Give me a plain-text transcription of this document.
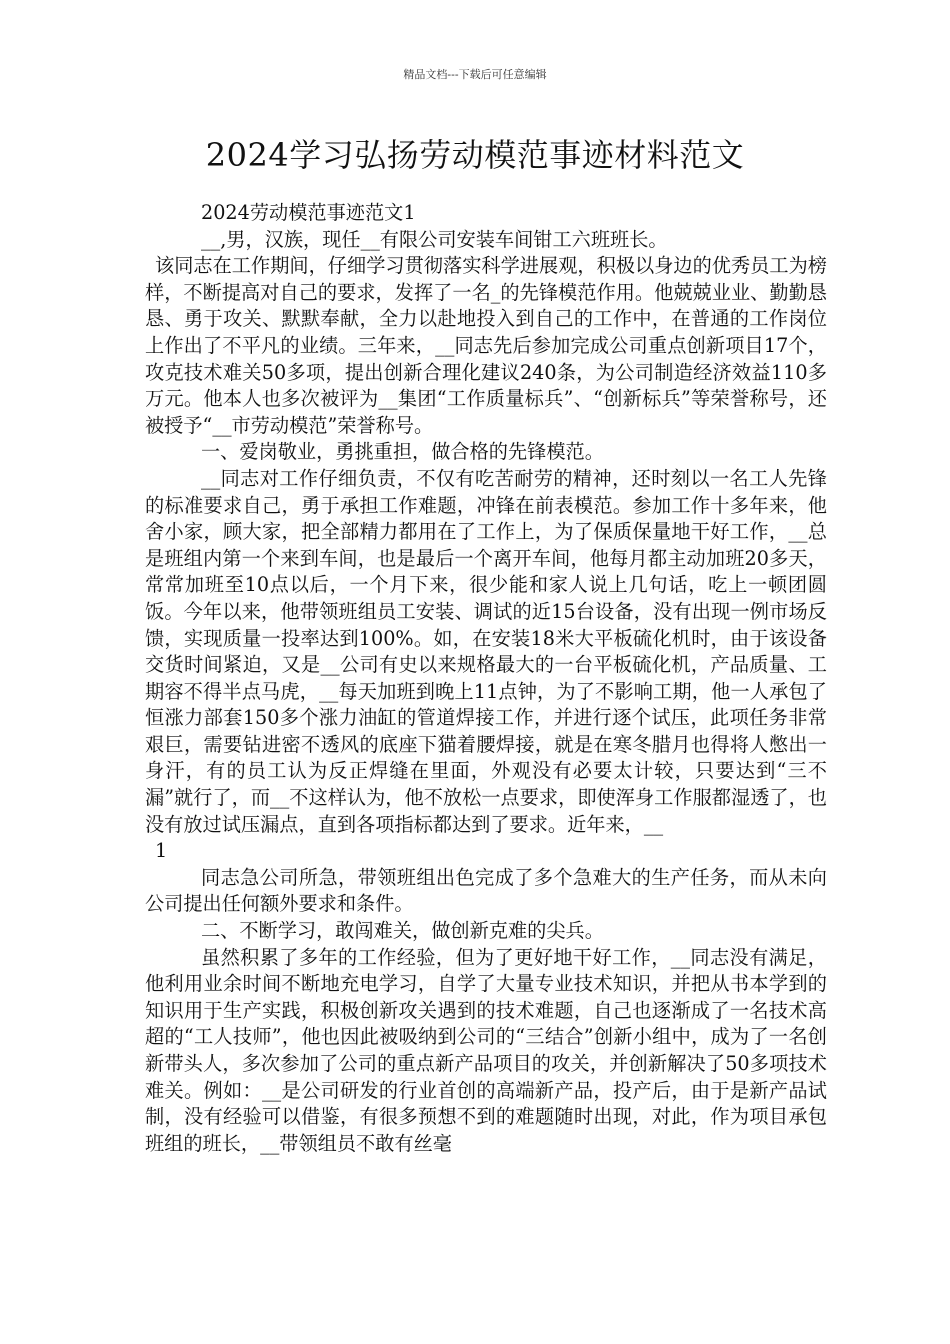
精品文档---下载后可任意编辑
2024学习弘扬劳动模范事迹材料范文

2024劳动模范事迹范文1

__,男，汉族，现任__有限公司安装车间钳工六班班长。

该同志在工作期间，仔细学习贯彻落实科学进展观，积极以身边的优秀员工为榜样，不断提高对自己的要求，发挥了一名_的先锋模范作用。他兢兢业业、勤勤恳恳、勇于攻关、默默奉献，全力以赴地投入到自己的工作中，在普通的工作岗位上作出了不平凡的业绩。三年来，__同志先后参加完成公司重点创新项目17个，攻克技术难关50多项，提出创新合理化建议240条，为公司制造经济效益110多万元。他本人也多次被评为__集团“工作质量标兵”、“创新标兵”等荣誉称号，还被授予“__市劳动模范”荣誉称号。

一、爱岗敬业，勇挑重担，做合格的先锋模范。

__同志对工作仔细负责，不仅有吃苦耐劳的精神，还时刻以一名工人先锋的标准要求自己，勇于承担工作难题，冲锋在前表模范。参加工作十多年来，他舍小家，顾大家，把全部精力都用在了工作上，为了保质保量地干好工作，__总是班组内第一个来到车间，也是最后一个离开车间，他每月都主动加班20多天，常常加班至10点以后，一个月下来，很少能和家人说上几句话，吃上一顿团圆饭。今年以来，他带领班组员工安装、调试的近15台设备，没有出现一例市场反馈，实现质量一投率达到100%。如，在安装18米大平板硫化机时，由于该设备交货时间紧迫，又是__公司有史以来规格最大的一台平板硫化机，产品质量、工期容不得半点马虎，__每天加班到晚上11点钟，为了不影响工期，他一人承包了恒涨力部套150多个涨力油缸的管道焊接工作，并进行逐个试压，此项任务非常艰巨，需要钻进密不透风的底座下猫着腰焊接，就是在寒冬腊月也得将人憋出一身汗，有的员工认为反正焊缝在里面，外观没有必要太计较，只要达到“三不漏”就行了，而__不这样认为，他不放松一点要求，即使浑身工作服都湿透了，也没有放过试压漏点，直到各项指标都达到了要求。近年来，__

1

同志急公司所急，带领班组出色完成了多个急难大的生产任务，而从未向公司提出任何额外要求和条件。

二、不断学习，敢闯难关，做创新克难的尖兵。

虽然积累了多年的工作经验，但为了更好地干好工作，__同志没有满足，他利用业余时间不断地充电学习，自学了大量专业技术知识，并把从书本学到的知识用于生产实践，积极创新攻关遇到的技术难题，自己也逐渐成了一名技术高超的“工人技师”，他也因此被吸纳到公司的“三结合”创新小组中，成为了一名创新带头人，多次参加了公司的重点新产品项目的攻关，并创新解决了50多项技术难关。例如：__是公司研发的行业首创的高端新产品，投产后，由于是新产品试制，没有经验可以借鉴，有很多预想不到的难题随时出现，对此，作为项目承包班组的班长，__带领组员不敢有丝毫
